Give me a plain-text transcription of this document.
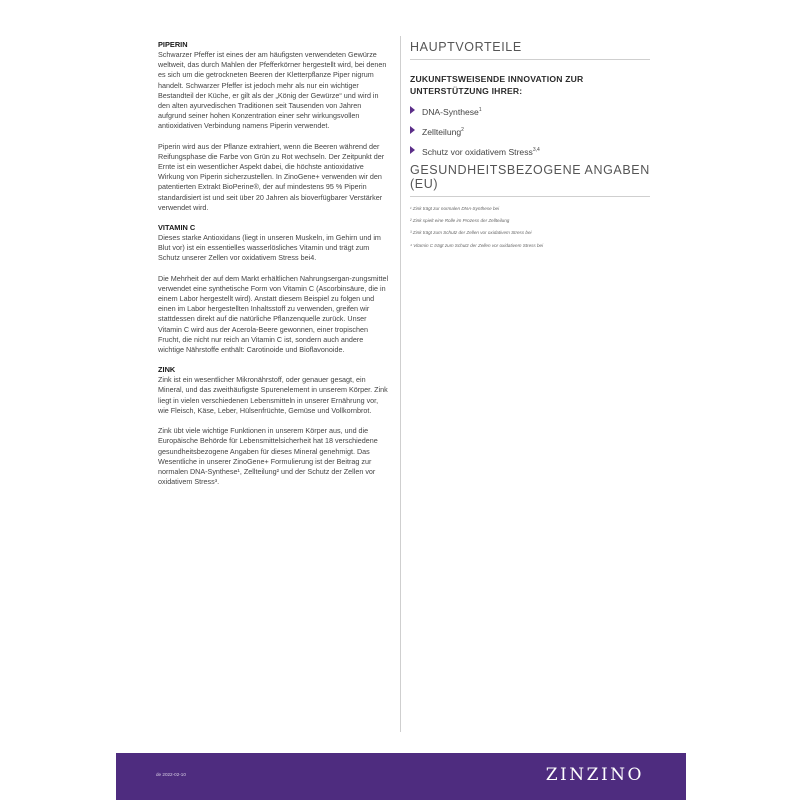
PIPERIN

Schwarzer Pfeffer ist eines der am häufigsten verwendeten Gewürze weltweit, das durch Mahlen der Pfefferkörner hergestellt wird, bei denen es sich um die getrockneten Beeren der Kletterpflanze Piper nigrum handelt. Schwarzer Pfeffer ist jedoch mehr als nur ein wichtiger Bestandteil der Küche, er gilt als der „König der Gewürze“ und wird in den alten ayurvedischen Traditionen seit Tausenden von Jahren aufgrund seiner hohen Konzentration einer sehr wirkungsvollen antioxidativen Verbindung namens Piperin verwendet.

Piperin wird aus der Pflanze extrahiert, wenn die Beeren während der Reifungsphase die Farbe von Grün zu Rot wechseln. Der Zeitpunkt der Ernte ist ein wesentlicher Aspekt dabei, die höchste antioxidative Wirkung von Piperin sicherzustellen. In ZinoGene+ verwenden wir den patentierten Extrakt BioPerine®, der auf mindestens 95 % Piperin standardisiert ist und seit über 20 Jahren als bioverfügbarer Verstärker verwendet wird.

VITAMIN C

Dieses starke Antioxidans (liegt in unseren Muskeln, im Gehirn und im Blut vor) ist ein essentielles wasserlösliches Vitamin und trägt zum Schutz unserer Zellen vor oxidativem Stress bei4.

Die Mehrheit der auf dem Markt erhältlichen Nahrungsergan-zungsmittel verwendet eine synthetische Form von Vitamin C (Ascorbinsäure, die in einem Labor hergestellt wird). Anstatt diesem Beispiel zu folgen und einen im Labor hergestellten Inhaltsstoff zu verwenden, greifen wir stattdessen direkt auf die natürliche Pflanzenquelle zurück. Unser Vitamin C wird aus der Acerola-Beere gewonnen, einer tropischen Frucht, die nicht nur reich an Vitamin C ist, sondern auch andere wichtige Nährstoffe enthält: Carotinoide und Bioflavonoide.

ZINK

Zink ist ein wesentlicher Mikronährstoff, oder genauer gesagt, ein Mineral, und das zweithäufigste Spurenelement in unserem Körper. Zink liegt in vielen verschiedenen Lebensmitteln in unserer Ernährung vor, wie Fleisch, Käse, Leber, Hülsenfrüchte, Gemüse und Vollkornbrot.

Zink übt viele wichtige Funktionen in unserem Körper aus, und die Europäische Behörde für Lebensmittelsicherheit hat 18 verschiedene gesundheitsbezogene Angaben für dieses Mineral genehmigt. Das Wesentliche in unserer ZinoGene+ Formulierung ist der Beitrag zur normalen DNA-Synthese¹, Zellteilung² und der Schutz der Zellen vor oxidativem Stress³.

HAUPTVORTEILE
ZUKUNFTSWEISENDE INNOVATION ZUR UNTERSTÜTZUNG IHRER:
DNA-Synthese$^1$
Zellteilung$^2$
Schutz vor oxidativem Stress$^{3,4}$
GESUNDHEITSBEZOGENE ANGABEN (EU)
¹ Zink trägt zur normalen DNA-Synthese bei
² Zink spielt eine Rolle im Prozess der Zellteilung
³ Zink trägt zum Schutz der Zellen vor oxidativem Stress bei
⁴ Vitamin C trägt zum Schutz der Zellen vor oxidativem Stress bei
de 2022-02-10	ZINZINO
